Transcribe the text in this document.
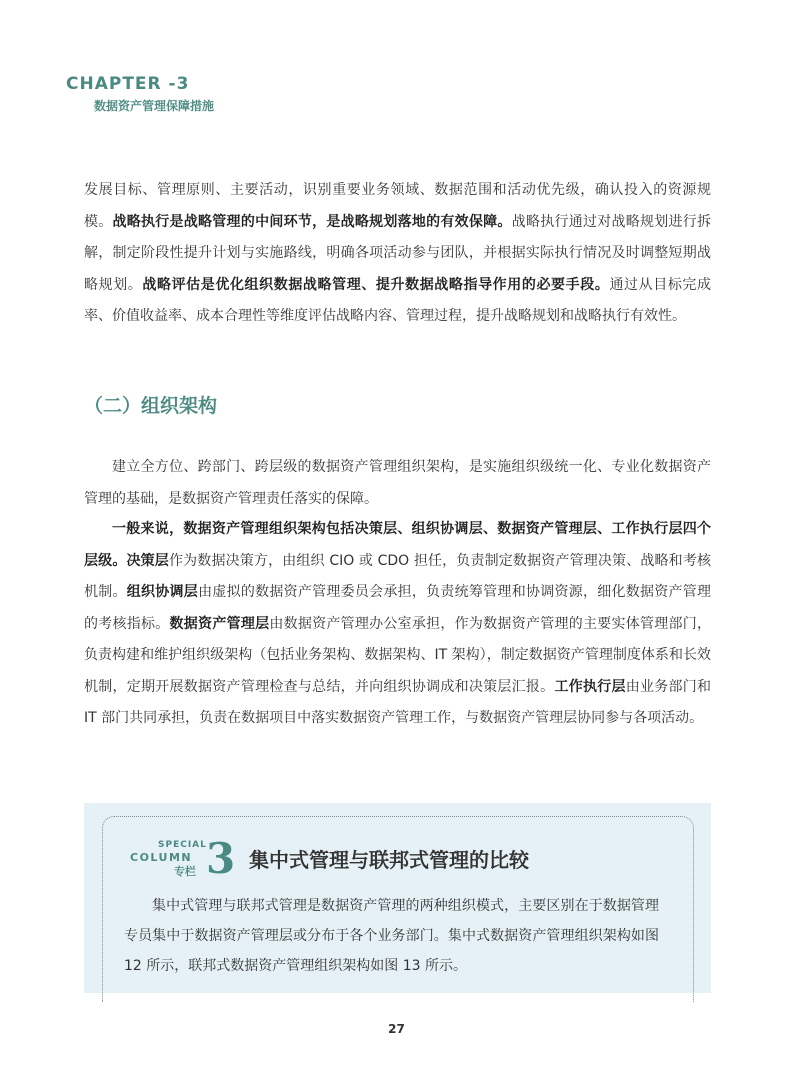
CHAPTER -3
数据资产管理保障措施
发展目标、管理原则、主要活动，识别重要业务领域、数据范围和活动优先级，确认投入的资源规模。战略执行是战略管理的中间环节，是战略规划落地的有效保障。战略执行通过对战略规划进行拆解，制定阶段性提升计划与实施路线，明确各项活动参与团队，并根据实际执行情况及时调整短期战略规划。战略评估是优化组织数据战略管理、提升数据战略指导作用的必要手段。通过从目标完成率、价值收益率、成本合理性等维度评估战略内容、管理过程，提升战略规划和战略执行有效性。
（二）组织架构
建立全方位、跨部门、跨层级的数据资产管理组织架构，是实施组织级统一化、专业化数据资产管理的基础，是数据资产管理责任落实的保障。
一般来说，数据资产管理组织架构包括决策层、组织协调层、数据资产管理层、工作执行层四个层级。决策层作为数据决策方，由组织 CIO 或 CDO 担任，负责制定数据资产管理决策、战略和考核机制。组织协调层由虚拟的数据资产管理委员会承担，负责统筹管理和协调资源，细化数据资产管理的考核指标。数据资产管理层由数据资产管理办公室承担，作为数据资产管理的主要实体管理部门，负责构建和维护组织级架构（包括业务架构、数据架构、IT 架构），制定数据资产管理制度体系和长效机制，定期开展数据资产管理检查与总结，并向组织协调成和决策层汇报。工作执行层由业务部门和 IT 部门共同承担，负责在数据项目中落实数据资产管理工作，与数据资产管理层协同参与各项活动。
SPECIAL
COLUMN
专栏 3 集中式管理与联邦式管理的比较
集中式管理与联邦式管理是数据资产管理的两种组织模式，主要区别在于数据管理专员集中于数据资产管理层或分布于各个业务部门。集中式数据资产管理组织架构如图 12 所示，联邦式数据资产管理组织架构如图 13 所示。
27
